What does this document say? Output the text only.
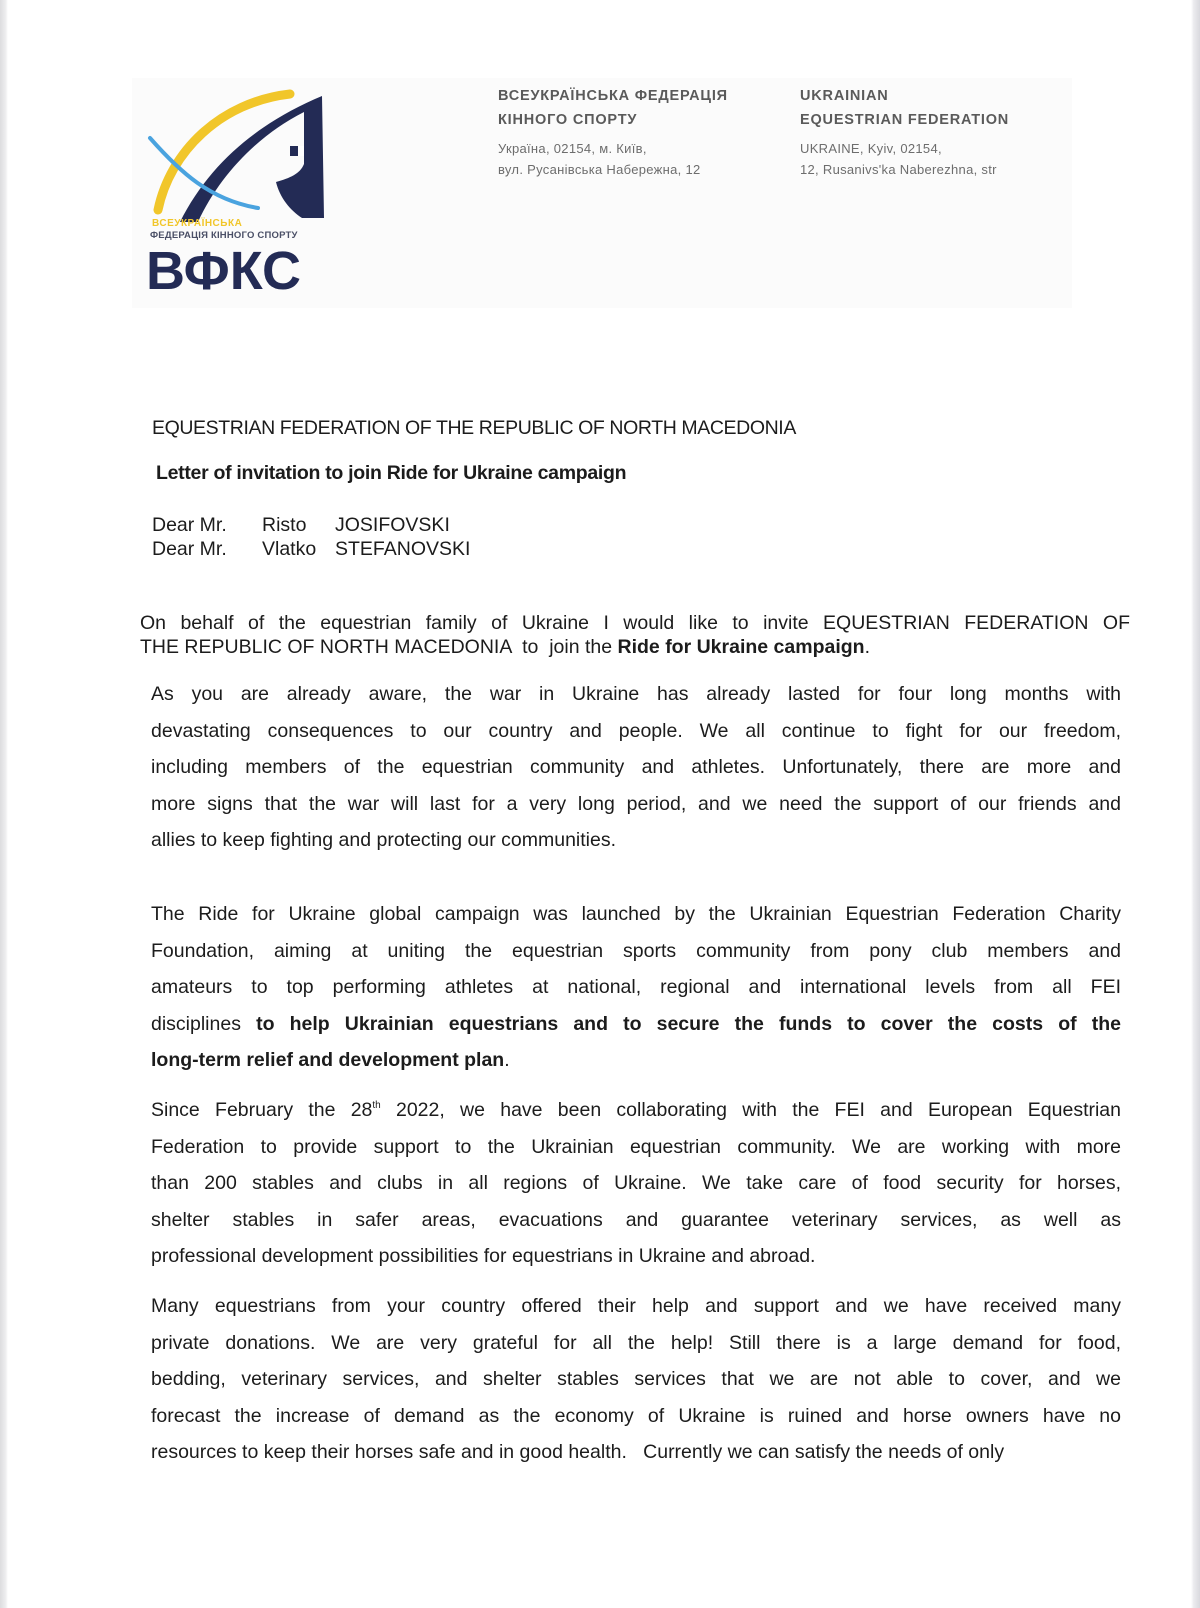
ВСЕУКРАЇНСЬКА
ФЕДЕРАЦІЯ КІННОГО СПОРТУ
ВФКС
ВСЕУКРАЇНСЬКА ФЕДЕРАЦІЯ
КІННОГО СПОРТУ
Україна, 02154, м. Київ,
вул. Русанівська Набережна, 12
UKRAINIAN
EQUESTRIAN FEDERATION
UKRAINE, Kyiv, 02154,
12, Rusanivs'ka Naberezhna, str
EQUESTRIAN FEDERATION OF THE REPUBLIC OF NORTH MACEDONIA
Letter of invitation to join Ride for Ukraine campaign
Dear Mr. Risto JOSIFOVSKI
Dear Mr. Vlatko STEFANOVSKI
On behalf of the equestrian family of Ukraine I would like to invite EQUESTRIAN FEDERATION OF
THE REPUBLIC OF NORTH MACEDONIA  to  join the Ride for Ukraine campaign.
As you are already aware, the war in Ukraine has already lasted for four long months with
devastating consequences to our country and people. We all continue to fight for our freedom,
including members of the equestrian community and athletes. Unfortunately, there are more and
more signs that the war will last for a very long period, and we need the support of our friends and
allies to keep fighting and protecting our communities.
The Ride for Ukraine global campaign was launched by the Ukrainian Equestrian Federation Charity
Foundation, aiming at uniting the equestrian sports community from pony club members and
amateurs to top performing athletes at national, regional and international levels from all FEI
disciplines to help Ukrainian equestrians and to secure the funds to cover the costs of the
long-term relief and development plan.
Since February the 28th 2022, we have been collaborating with the FEI and European Equestrian
Federation to provide support to the Ukrainian equestrian community. We are working with more
than 200 stables and clubs in all regions of Ukraine. We take care of food security for horses,
shelter stables in safer areas, evacuations and guarantee veterinary services, as well as
professional development possibilities for equestrians in Ukraine and abroad.
Many equestrians from your country offered their help and support and we have received many
private donations. We are very grateful for all the help! Still there is a large demand for food,
bedding, veterinary services, and shelter stables services that we are not able to cover, and we
forecast the increase of demand as the economy of Ukraine is ruined and horse owners have no
resources to keep their horses safe and in good health.   Currently we can satisfy the needs of only
